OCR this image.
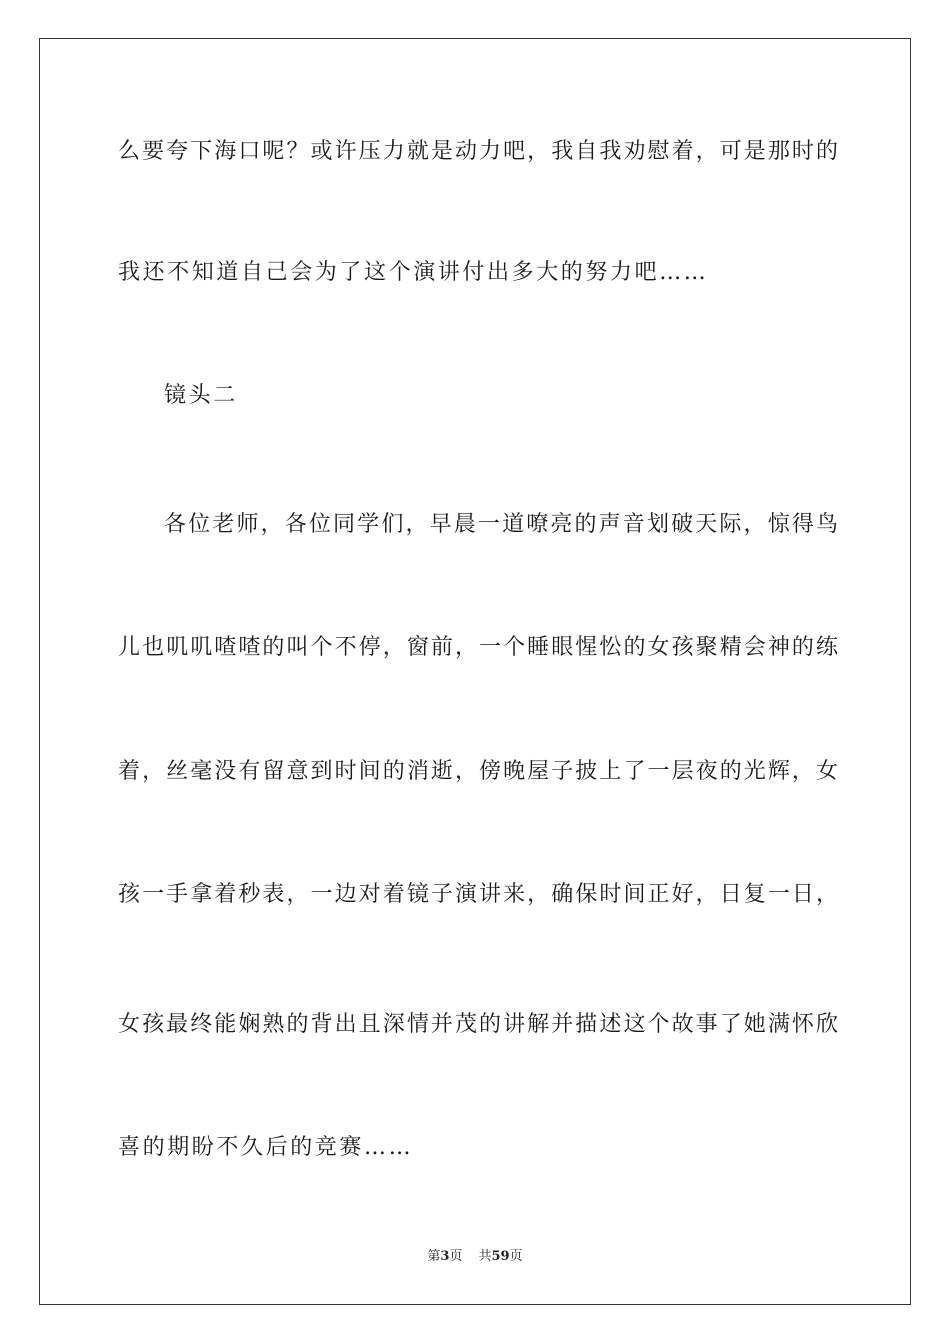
么要夸下海口呢？或许压力就是动力吧，我自我劝慰着，可是那时的
我还不知道自己会为了这个演讲付出多大的努力吧……
镜头二
各位老师，各位同学们，早晨一道嘹亮的声音划破天际，惊得鸟
儿也叽叽喳喳的叫个不停，窗前，一个睡眼惺忪的女孩聚精会神的练
着，丝毫没有留意到时间的消逝，傍晚屋子披上了一层夜的光辉，女
孩一手拿着秒表，一边对着镜子演讲来，确保时间正好，日复一日，
女孩最终能娴熟的背出且深情并茂的讲解并描述这个故事了她满怀欣
喜的期盼不久后的竞赛……
第3页 共59页
